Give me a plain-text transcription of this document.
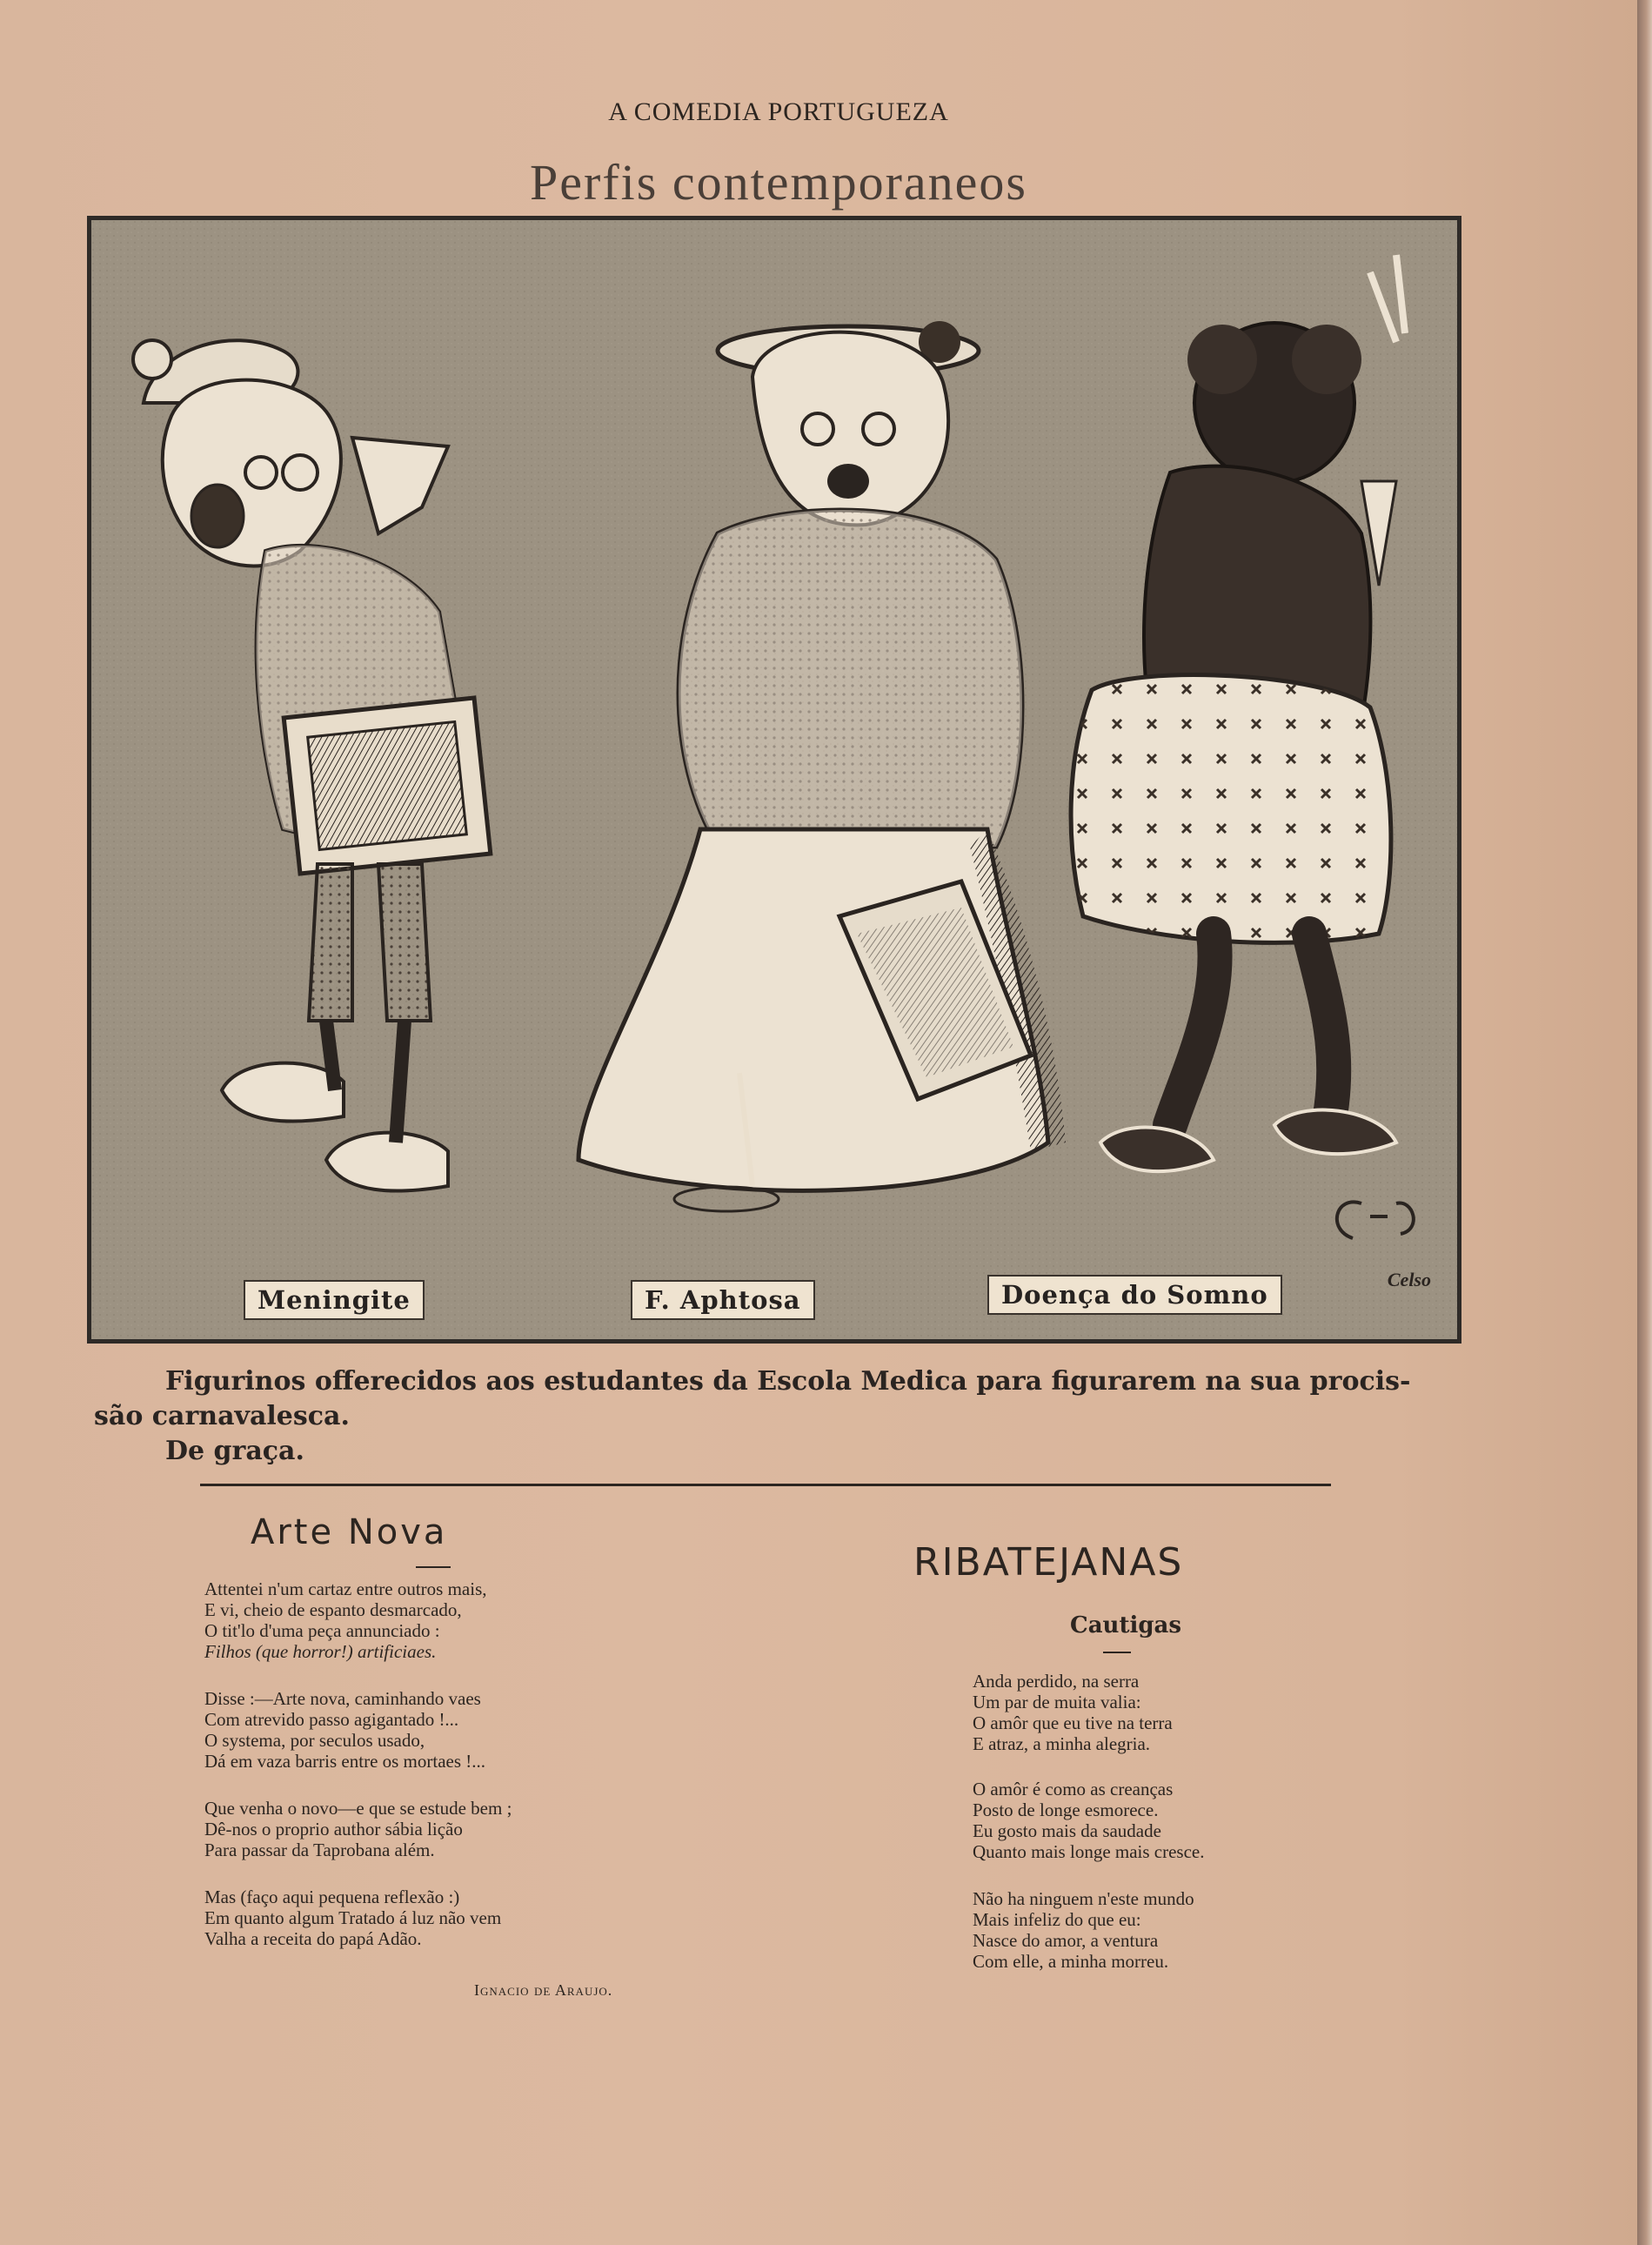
A COMEDIA PORTUGUEZA
Perfis contemporaneos
Meningite	F. Aphtosa	Doença do Somno
Celso
Figurinos offerecidos aos estudantes da Escola Medica para figurarem na sua procis-
são carnavalesca.
De graça.
Arte Nova
Attentei n'um cartaz entre outros mais,
E vi, cheio de espanto desmarcado,
O tit'lo d'uma peça annunciado :
Filhos (que horror!) artificiaes.
Disse :—Arte nova, caminhando vaes
Com atrevido passo agigantado !...
O systema, por seculos usado,
Dá em vaza barris entre os mortaes !...
Que venha o novo—e que se estude bem ;
Dê-nos o proprio author sábia lição
Para passar da Taprobana além.
Mas (faço aqui pequena reflexão :)
Em quanto algum Tratado á luz não vem
Valha a receita do papá Adão.
Ignacio de Araujo.
RIBATEJANAS
Cautigas
Anda perdido, na serra
Um par de muita valia:
O amôr que eu tive na terra
E atraz, a minha alegria.
O amôr é como as creanças
Posto de longe esmorece.
Eu gosto mais da saudade
Quanto mais longe mais cresce.
Não ha ninguem n'este mundo
Mais infeliz do que eu:
Nasce do amor, a ventura
Com elle, a minha morreu.
